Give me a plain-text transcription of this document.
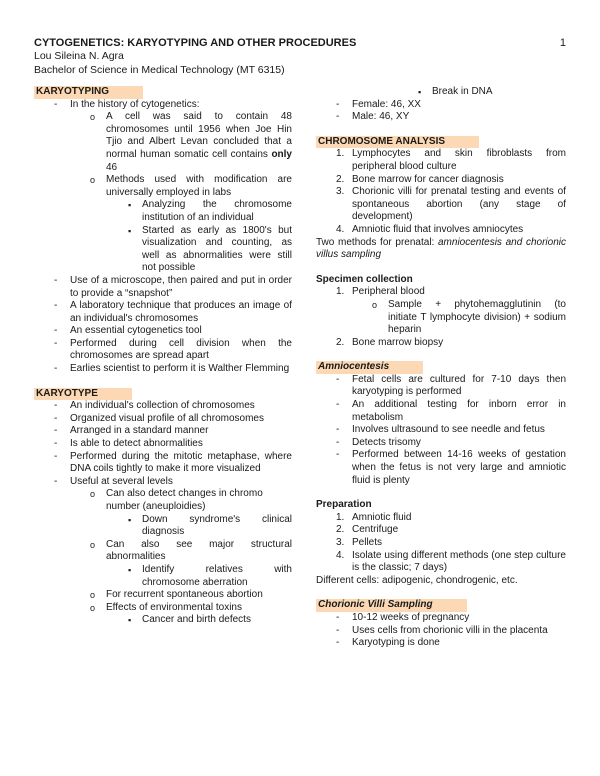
CYTOGENETICS: KARYOTYPING AND OTHER PROCEDURES	1
Lou Sileina N. Agra
Bachelor of Science in Medical Technology (MT 6315)
KARYOTYPING
- In the history of cytogenetics:
o A cell was said to contain 48 chromosomes until 1956 when Joe Hin Tjio and Albert Levan concluded that a normal human somatic cell contains only 46
o Methods used with modification are universally employed in labs
▪ Analyzing the chromosome institution of an individual
▪ Started as early as 1800's but visualization and counting, as well as abnormalities were still not possible
- Use of a microscope, then paired and put in order to provide a “snapshot”
- A laboratory technique that produces an image of an individual's chromosomes
- An essential cytogenetics tool
- Performed during cell division when the chromosomes are spread apart
- Earlies scientist to perform it is Walther Flemming
KARYOTYPE
- An individual's collection of chromosomes
- Organized visual profile of all chromosomes
- Arranged in a standard manner
- Is able to detect abnormalities
- Performed during the mitotic metaphase, where DNA coils tightly to make it more visualized
- Useful at several levels
o Can also detect changes in chromo number (aneuploidies)
▪ Down syndrome's clinical diagnosis
o Can also see major structural abnormalities
▪ Identify relatives with chromosome aberration
o For recurrent spontaneous abortion
o Effects of environmental toxins
▪ Cancer and birth defects
▪ Break in DNA
- Female: 46, XX
- Male: 46, XY
CHROMOSOME ANALYSIS
1. Lymphocytes and skin fibroblasts from peripheral blood culture
2. Bone marrow for cancer diagnosis
3. Chorionic villi for prenatal testing and events of spontaneous abortion (any stage of development)
4. Amniotic fluid that involves amniocytes
Two methods for prenatal: amniocentesis and chorionic villus sampling
Specimen collection
1. Peripheral blood
o Sample + phytohemagglutinin (to initiate T lymphocyte division) + sodium heparin
2. Bone marrow biopsy
Amniocentesis
- Fetal cells are cultured for 7-10 days then karyotyping is performed
- An additional testing for inborn error in metabolism
- Involves ultrasound to see needle and fetus
- Detects trisomy
- Performed between 14-16 weeks of gestation when the fetus is not very large and amniotic fluid is plenty
Preparation
1. Amniotic fluid
2. Centrifuge
3. Pellets
4. Isolate using different methods (one step culture is the classic; 7 days)
Different cells: adipogenic, chondrogenic, etc.
Chorionic Villi Sampling
- 10-12 weeks of pregnancy
- Uses cells from chorionic villi in the placenta
- Karyotyping is done
